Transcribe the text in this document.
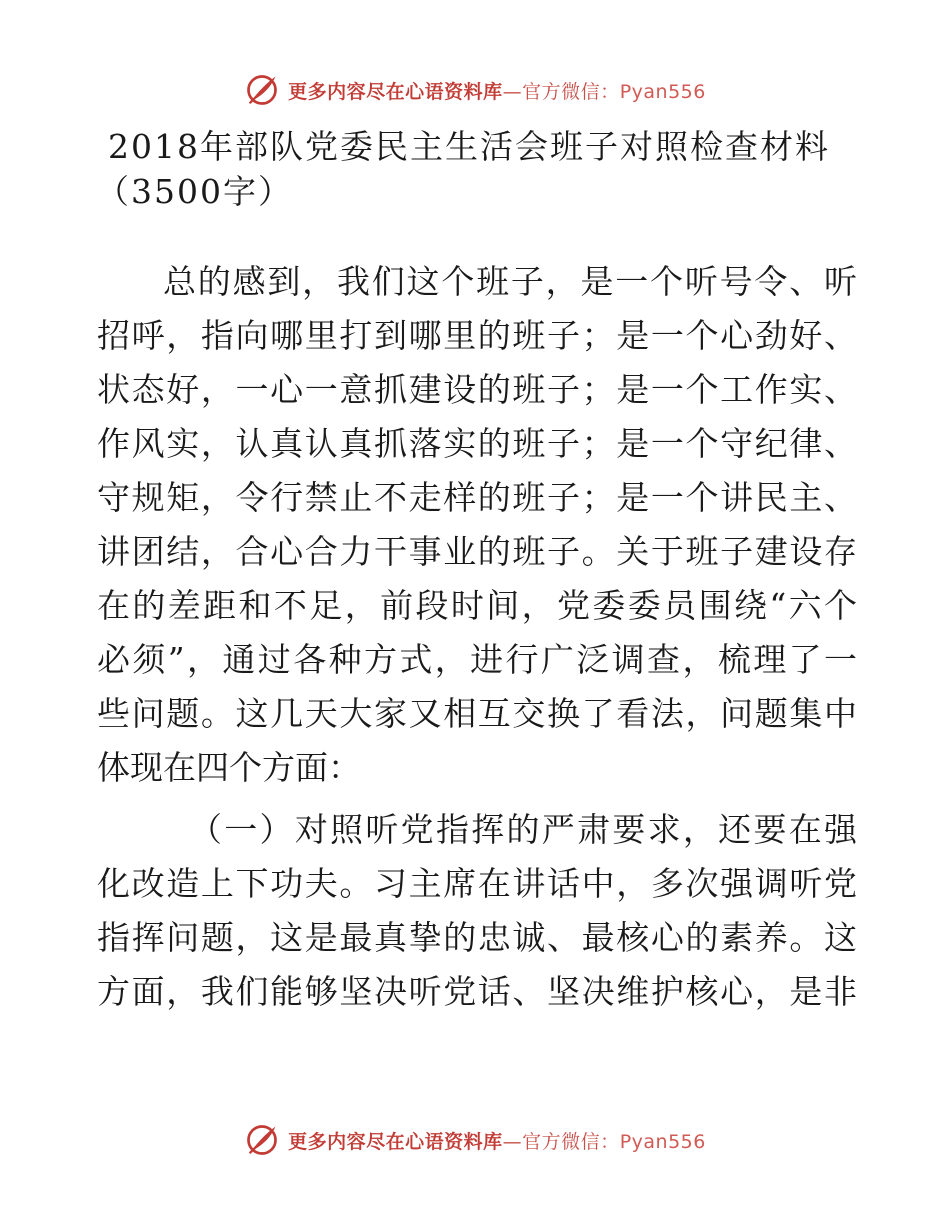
更多内容尽在心语资料库—官方微信：Pyan556
2018年部队党委民主生活会班子对照检查材料
（3500字）
总的感到，我们这个班子，是一个听号令、听
招呼，指向哪里打到哪里的班子；是一个心劲好、
状态好，一心一意抓建设的班子；是一个工作实、
作风实，认真认真抓落实的班子；是一个守纪律、
守规矩，令行禁止不走样的班子；是一个讲民主、
讲团结，合心合力干事业的班子。关于班子建设存
在的差距和不足，前段时间，党委委员围绕“六个
必须”，通过各种方式，进行广泛调查，梳理了一
些问题。这几天大家又相互交换了看法，问题集中
体现在四个方面：
（一）对照听党指挥的严肃要求，还要在强
化改造上下功夫。习主席在讲话中，多次强调听党
指挥问题，这是最真挚的忠诚、最核心的素养。这
方面，我们能够坚决听党话、坚决维护核心，是非
更多内容尽在心语资料库—官方微信：Pyan556
